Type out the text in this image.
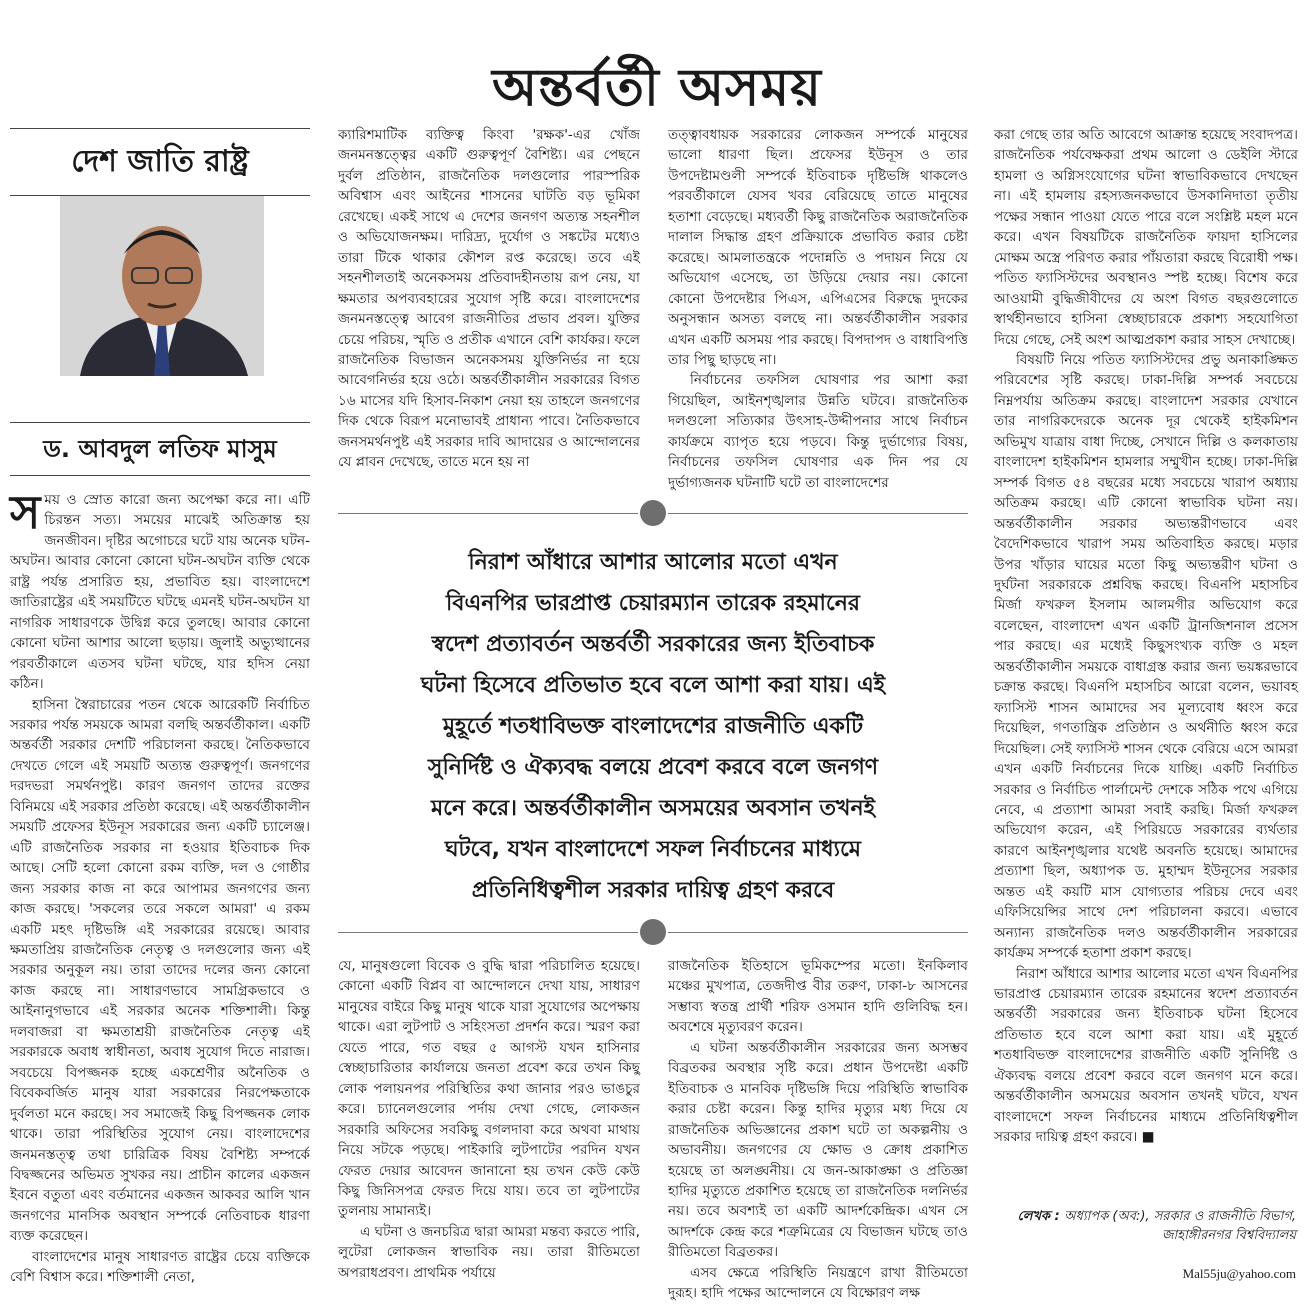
অন্তর্বর্তী অসময়
দেশ জাতি রাষ্ট্র
ড. আবদুল লতিফ মাসুম

সময় ও স্রোত কারো জন্য অপেক্ষা করে না। এটি চিরন্তন সত্য। সময়ের মাঝেই অতিক্রান্ত হয় জনজীবন। দৃষ্টির অগোচরে ঘটে যায় অনেক ঘটন-অঘটন। আবার কোনো কোনো ঘটন-অঘটন ব্যক্তি থেকে রাষ্ট্র পর্যন্ত প্রসারিত হয়, প্রভাবিত হয়। বাংলাদেশে জাতিরাষ্ট্রের এই সময়টিতে ঘটছে এমনই ঘটন-অঘটন যা নাগরিক সাধারণকে উদ্বিগ্ন করে তুলছে। আবার কোনো কোনো ঘটনা আশার আলো ছড়ায়। জুলাই অভ্যুত্থানের পরবর্তীকালে এতসব ঘটনা ঘটছে, যার হদিস নেয়া কঠিন।

হাসিনা স্বৈরাচারের পতন থেকে আরেকটি নির্বাচিত সরকার পর্যন্ত সময়কে আমরা বলছি অন্তর্বর্তীকাল। একটি অন্তর্বর্তী সরকার দেশটি পরিচালনা করছে। নৈতিকভাবে দেখতে গেলে এই সময়টি অত্যন্ত গুরুত্বপূর্ণ। জনগণের দরদভরা সমর্থনপুষ্ট। কারণ জনগণ তাদের রক্তের বিনিময়ে এই সরকার প্রতিষ্ঠা করেছে। এই অন্তর্বর্তীকালীন সময়টি প্রফেসর ইউনূস সরকারের জন্য একটি চ্যালেঞ্জ। এটি রাজনৈতিক সরকার না হওয়ার ইতিবাচক দিক আছে। সেটি হলো কোনো রকম ব্যক্তি, দল ও গোষ্ঠীর জন্য সরকার কাজ না করে আপামর জনগণের জন্য কাজ করছে। 'সকলের তরে সকলে আমরা' এ রকম একটি মহৎ দৃষ্টিভঙ্গি এই সরকারের রয়েছে। আবার ক্ষমতাপ্রিয় রাজনৈতিক নেতৃত্ব ও দলগুলোর জন্য এই সরকার অনুকূল নয়। তারা তাদের দলের জন্য কোনো কাজ করছে না। সাধারণভাবে সামগ্রিকভাবে ও আইনানুগভাবে এই সরকার অনেক শক্তিশালী। কিন্তু দলবাজরা বা ক্ষমতাশ্রয়ী রাজনৈতিক নেতৃত্ব এই সরকারকে অবাধ স্বাধীনতা, অবাধ সুযোগ দিতে নারাজ। সবচেয়ে বিপজ্জনক হচ্ছে একশ্রেণীর অনৈতিক ও বিবেকবর্জিত মানুষ যারা সরকারের নিরপেক্ষতাকে দুর্বলতা মনে করছে। সব সমাজেই কিছু বিপজ্জনক লোক থাকে। তারা পরিস্থিতির সুযোগ নেয়। বাংলাদেশের জনমনস্তত্ত্ব তথা চারিত্রিক বিষয় বৈশিষ্ট্য সম্পর্কে বিদ্বজ্জনের অভিমত সুখকর নয়। প্রাচীন কালের একজন ইবনে বতুতা এবং বর্তমানের একজন আকবর আলি খান জনগণের মানসিক অবস্থান সম্পর্কে নেতিবাচক ধারণা ব্যক্ত করেছেন।

বাংলাদেশের মানুষ সাধারণত রাষ্ট্রের চেয়ে ব্যক্তিকে বেশি বিশ্বাস করে। শক্তিশালী নেতা,

ক্যারিশমাটিক ব্যক্তিত্ব কিংবা 'রক্ষক'-এর খোঁজ জনমনস্তত্ত্বের একটি গুরুত্বপূর্ণ বৈশিষ্ট্য। এর পেছনে দুর্বল প্রতিষ্ঠান, রাজনৈতিক দলগুলোর পারস্পরিক অবিশ্বাস এবং আইনের শাসনের ঘাটতি বড় ভূমিকা রেখেছে। একই সাথে এ দেশের জনগণ অত্যন্ত সহনশীল ও অভিযোজনক্ষম। দারিদ্র্য, দুর্যোগ ও সঙ্কটের মধ্যেও তারা টিকে থাকার কৌশল রপ্ত করেছে। তবে এই সহনশীলতাই অনেকসময় প্রতিবাদহীনতায় রূপ নেয়, যা ক্ষমতার অপব্যবহারের সুযোগ সৃষ্টি করে। বাংলাদেশের জনমনস্তত্ত্বে আবেগ রাজনীতির প্রভাব প্রবল। যুক্তির চেয়ে পরিচয়, স্মৃতি ও প্রতীক এখানে বেশি কার্যকর। ফলে রাজনৈতিক বিভাজন অনেকসময় যুক্তিনির্ভর না হয়ে আবেগনির্ভর হয়ে ওঠে। অন্তর্বর্তীকালীন সরকারের বিগত ১৬ মাসের যদি হিসাব-নিকাশ নেয়া হয় তাহলে জনগণের দিক থেকে বিরূপ মনোভাবই প্রাধান্য পাবে। নৈতিকভাবে জনসমর্থনপুষ্ট এই সরকার দাবি আদায়ের ও আন্দোলনের যে প্লাবন দেখেছে, তাতে মনে হয় না

তত্ত্বাবধায়ক সরকারের লোকজন সম্পর্কে মানুষের ভালো ধারণা ছিল। প্রফেসর ইউনূস ও তার উপদেষ্টামণ্ডলী সম্পর্কে ইতিবাচক দৃষ্টিভঙ্গি থাকলেও পরবর্তীকালে যেসব খবর বেরিয়েছে তাতে মানুষের হতাশা বেড়েছে। মধ্যবর্তী কিছু রাজনৈতিক অরাজনৈতিক দালাল সিদ্ধান্ত গ্রহণ প্রক্রিয়াকে প্রভাবিত করার চেষ্টা করেছে। আমলাতন্ত্রকে পদোন্নতি ও পদায়ন নিয়ে যে অভিযোগ এসেছে, তা উড়িয়ে দেয়ার নয়। কোনো কোনো উপদেষ্টার পিএস, এপিএসের বিরুদ্ধে দুদকের অনুসন্ধান অসত্য বলছে না। অন্তর্বর্তীকালীন সরকার এখন একটি অসময় পার করছে। বিপদাপদ ও বাধাবিপত্তি তার পিছু ছাড়ছে না।

নির্বাচনের তফসিল ঘোষণার পর আশা করা গিয়েছিল, আইনশৃঙ্খলার উন্নতি ঘটবে। রাজনৈতিক দলগুলো সত্যিকার উৎসাহ-উদ্দীপনার সাথে নির্বাচন কার্যক্রমে ব্যাপৃত হয়ে পড়বে। কিন্তু দুর্ভাগ্যের বিষয়, নির্বাচনের তফসিল ঘোষণার এক দিন পর যে দুর্ভাগ্যজনক ঘটনাটি ঘটে তা বাংলাদেশের

নিরাশ আঁধারে আশার আলোর মতো এখন
বিএনপির ভারপ্রাপ্ত চেয়ারম্যান তারেক রহমানের
স্বদেশ প্রত্যাবর্তন অন্তর্বর্তী সরকারের জন্য ইতিবাচক
ঘটনা হিসেবে প্রতিভাত হবে বলে আশা করা যায়। এই
মুহূর্তে শতধাবিভক্ত বাংলাদেশের রাজনীতি একটি
সুনির্দিষ্ট ও ঐক্যবদ্ধ বলয়ে প্রবেশ করবে বলে জনগণ
মনে করে। অন্তর্বর্তীকালীন অসময়ের অবসান তখনই
ঘটবে, যখন বাংলাদেশে সফল নির্বাচনের মাধ্যমে
প্রতিনিধিত্বশীল সরকার দায়িত্ব গ্রহণ করবে

যে, মানুষগুলো বিবেক ও বুদ্ধি দ্বারা পরিচালিত হয়েছে। কোনো একটি বিপ্লব বা আন্দোলনে দেখা যায়, সাধারণ মানুষের বাইরে কিছু মানুষ থাকে যারা সুযোগের অপেক্ষায় থাকে। এরা লুটপাট ও সহিংসতা প্রদর্শন করে। স্মরণ করা যেতে পারে, গত বছর ৫ আগস্ট যখন হাসিনার স্বেচ্ছাচারিতার কার্যালয়ে জনতা প্রবেশ করে তখন কিছু লোক পলায়নপর পরিস্থিতির কথা জানার পরও ভাঙচুর করে। চ্যানেলগুলোর পর্দায় দেখা গেছে, লোকজন সরকারি অফিসের সবকিছু বগলদাবা করে অথবা মাথায় নিয়ে সটকে পড়ছে। পাইকারি লুটপাটের পরদিন যখন ফেরত দেয়ার আবেদন জানানো হয় তখন কেউ কেউ কিছু জিনিসপত্র ফেরত দিয়ে যায়। তবে তা লুটপাটের তুলনায় সামান্যই।

এ ঘটনা ও জনচরিত্র দ্বারা আমরা মন্তব্য করতে পারি, লুটেরা লোকজন স্বাভাবিক নয়। তারা রীতিমতো অপরাধপ্রবণ। প্রাথমিক পর্যায়ে

রাজনৈতিক ইতিহাসে ভূমিকম্পের মতো। ইনকিলাব মঞ্চের মুখপাত্র, তেজদীপ্ত বীর তরুণ, ঢাকা-৮ আসনের সম্ভাব্য স্বতন্ত্র প্রার্থী শরিফ ওসমান হাদি গুলিবিদ্ধ হন। অবশেষে মৃত্যুবরণ করেন।

এ ঘটনা অন্তর্বর্তীকালীন সরকারের জন্য অসম্ভব বিব্রতকর অবস্থার সৃষ্টি করে। প্রধান উপদেষ্টা একটি ইতিবাচক ও মানবিক দৃষ্টিভঙ্গি দিয়ে পরিস্থিতি স্বাভাবিক করার চেষ্টা করেন। কিন্তু হাদির মৃত্যুর মধ্য দিয়ে যে রাজনৈতিক অভিজ্ঞানের প্রকাশ ঘটে তা অকল্পনীয় ও অভাবনীয়। জনগণের যে ক্ষোভ ও ক্রোধ প্রকাশিত হয়েছে তা অলঙ্ঘনীয়। যে জন-আকাঙ্ক্ষা ও প্রতিজ্ঞা হাদির মৃত্যুতে প্রকাশিত হয়েছে তা রাজনৈতিক দলনির্ভর নয়। তবে অবশ্যই তা একটি আদর্শকেন্দ্রিক। এখন সে আদর্শকে কেন্দ্র করে শত্রুমিত্রের যে বিভাজন ঘটছে তাও রীতিমতো বিব্রতকর।

এসব ক্ষেত্রে পরিস্থিতি নিয়ন্ত্রণে রাখা রীতিমতো দুরূহ। হাদি পক্ষের আন্দোলনে যে বিক্ষোরণ লক্ষ

করা গেছে তার অতি আবেগে আক্রান্ত হয়েছে সংবাদপত্র। রাজনৈতিক পর্যবেক্ষকরা প্রথম আলো ও ডেইলি স্টারে হামলা ও অগ্নিসংযোগের ঘটনা স্বাভাবিকভাবে দেখছেন না। এই হামলায় রহস্যজনকভাবে উসকানিদাতা তৃতীয় পক্ষের সন্ধান পাওয়া যেতে পারে বলে সংশ্লিষ্ট মহল মনে করে। এখন বিষয়টিকে রাজনৈতিক ফায়দা হাসিলের মোক্ষম অস্ত্রে পরিণত করার পাঁয়তারা করছে বিরোধী পক্ষ। পতিত ফ্যাসিস্টদের অবস্থানও স্পষ্ট হচ্ছে। বিশেষ করে আওয়ামী বুদ্ধিজীবীদের যে অংশ বিগত বছরগুলোতে স্বার্থহীনভাবে হাসিনা স্বেচ্ছাচারকে প্রকাশ্য সহযোগিতা দিয়ে গেছে, সেই অংশ আত্মপ্রকাশ করার সাহস দেখাচ্ছে।

বিষয়টি নিয়ে পতিত ফ্যাসিস্টদের প্রভু অনাকাঙ্ক্ষিত পরিবেশের সৃষ্টি করছে। ঢাকা-দিল্লি সম্পর্ক সবচেয়ে নিম্নপর্যায় অতিক্রম করছে। বাংলাদেশ সরকার যেখানে তার নাগরিকদেরকে অনেক দূর থেকেই হাইকমিশন অভিমুখ যাত্রায় বাধা দিচ্ছে, সেখানে দিল্লি ও কলকাতায় বাংলাদেশ হাইকমিশন হামলার সম্মুখীন হচ্ছে। ঢাকা-দিল্লি সম্পর্ক বিগত ৫৪ বছরের মধ্যে সবচেয়ে খারাপ অধ্যায় অতিক্রম করছে। এটি কোনো স্বাভাবিক ঘটনা নয়। অন্তর্বর্তীকালীন সরকার অভ্যন্তরীণভাবে এবং বৈদেশিকভাবে খারাপ সময় অতিবাহিত করছে। মড়ার উপর খাঁড়ার ঘায়ের মতো কিছু অভ্যন্তরীণ ঘটনা ও দুর্ঘটনা সরকারকে প্রশ্নবিদ্ধ করছে। বিএনপি মহাসচিব মির্জা ফখরুল ইসলাম আলমগীর অভিযোগ করে বলেছেন, বাংলাদেশ এখন একটি ট্রানজিশনাল প্রসেস পার করছে। এর মধ্যেই কিছুসংখ্যক ব্যক্তি ও মহল অন্তর্বর্তীকালীন সময়কে বাধাগ্রস্ত করার জন্য ভয়ঙ্করভাবে চক্রান্ত করছে। বিএনপি মহাসচিব আরো বলেন, ভয়াবহ ফ্যাসিস্ট শাসন আমাদের সব মূল্যবোধ ধ্বংস করে দিয়েছিল, গণতান্ত্রিক প্রতিষ্ঠান ও অর্থনীতি ধ্বংস করে দিয়েছিল। সেই ফ্যাসিস্ট শাসন থেকে বেরিয়ে এসে আমরা এখন একটি নির্বাচনের দিকে যাচ্ছি। একটি নির্বাচিত সরকার ও নির্বাচিত পার্লামেন্ট দেশকে সঠিক পথে এগিয়ে নেবে, এ প্রত্যাশা আমরা সবাই করছি। মির্জা ফখরুল অভিযোগ করেন, এই পিরিয়ডে সরকারের ব্যর্থতার কারণে আইনশৃঙ্খলার যথেষ্ট অবনতি হয়েছে। আমাদের প্রত্যাশা ছিল, অধ্যাপক ড. মুহাম্মদ ইউনূসের সরকার অন্তত এই কয়টি মাস যোগ্যতার পরিচয় দেবে এবং এফিসিয়েন্সির সাথে দেশ পরিচালনা করবে। এভাবে অন্যান্য রাজনৈতিক দলও অন্তর্বর্তীকালীন সরকারের কার্যক্রম সম্পর্কে হতাশা প্রকাশ করছে।

নিরাশ আঁধারে আশার আলোর মতো এখন বিএনপির ভারপ্রাপ্ত চেয়ারম্যান তারেক রহমানের স্বদেশ প্রত্যাবর্তন অন্তর্বর্তী সরকারের জন্য ইতিবাচক ঘটনা হিসেবে প্রতিভাত হবে বলে আশা করা যায়। এই মুহূর্তে শতধাবিভক্ত বাংলাদেশের রাজনীতি একটি সুনির্দিষ্ট ও ঐক্যবদ্ধ বলয়ে প্রবেশ করবে বলে জনগণ মনে করে। অন্তর্বর্তীকালীন অসময়ের অবসান তখনই ঘটবে, যখন বাংলাদেশে সফল নির্বাচনের মাধ্যমে প্রতিনিধিত্বশীল সরকার দায়িত্ব গ্রহণ করবে। ■

লেখক : অধ্যাপক (অব:), সরকার ও রাজনীতি বিভাগ, জাহাঙ্গীরনগর বিশ্ববিদ্যালয়
Mal55ju@yahoo.com
